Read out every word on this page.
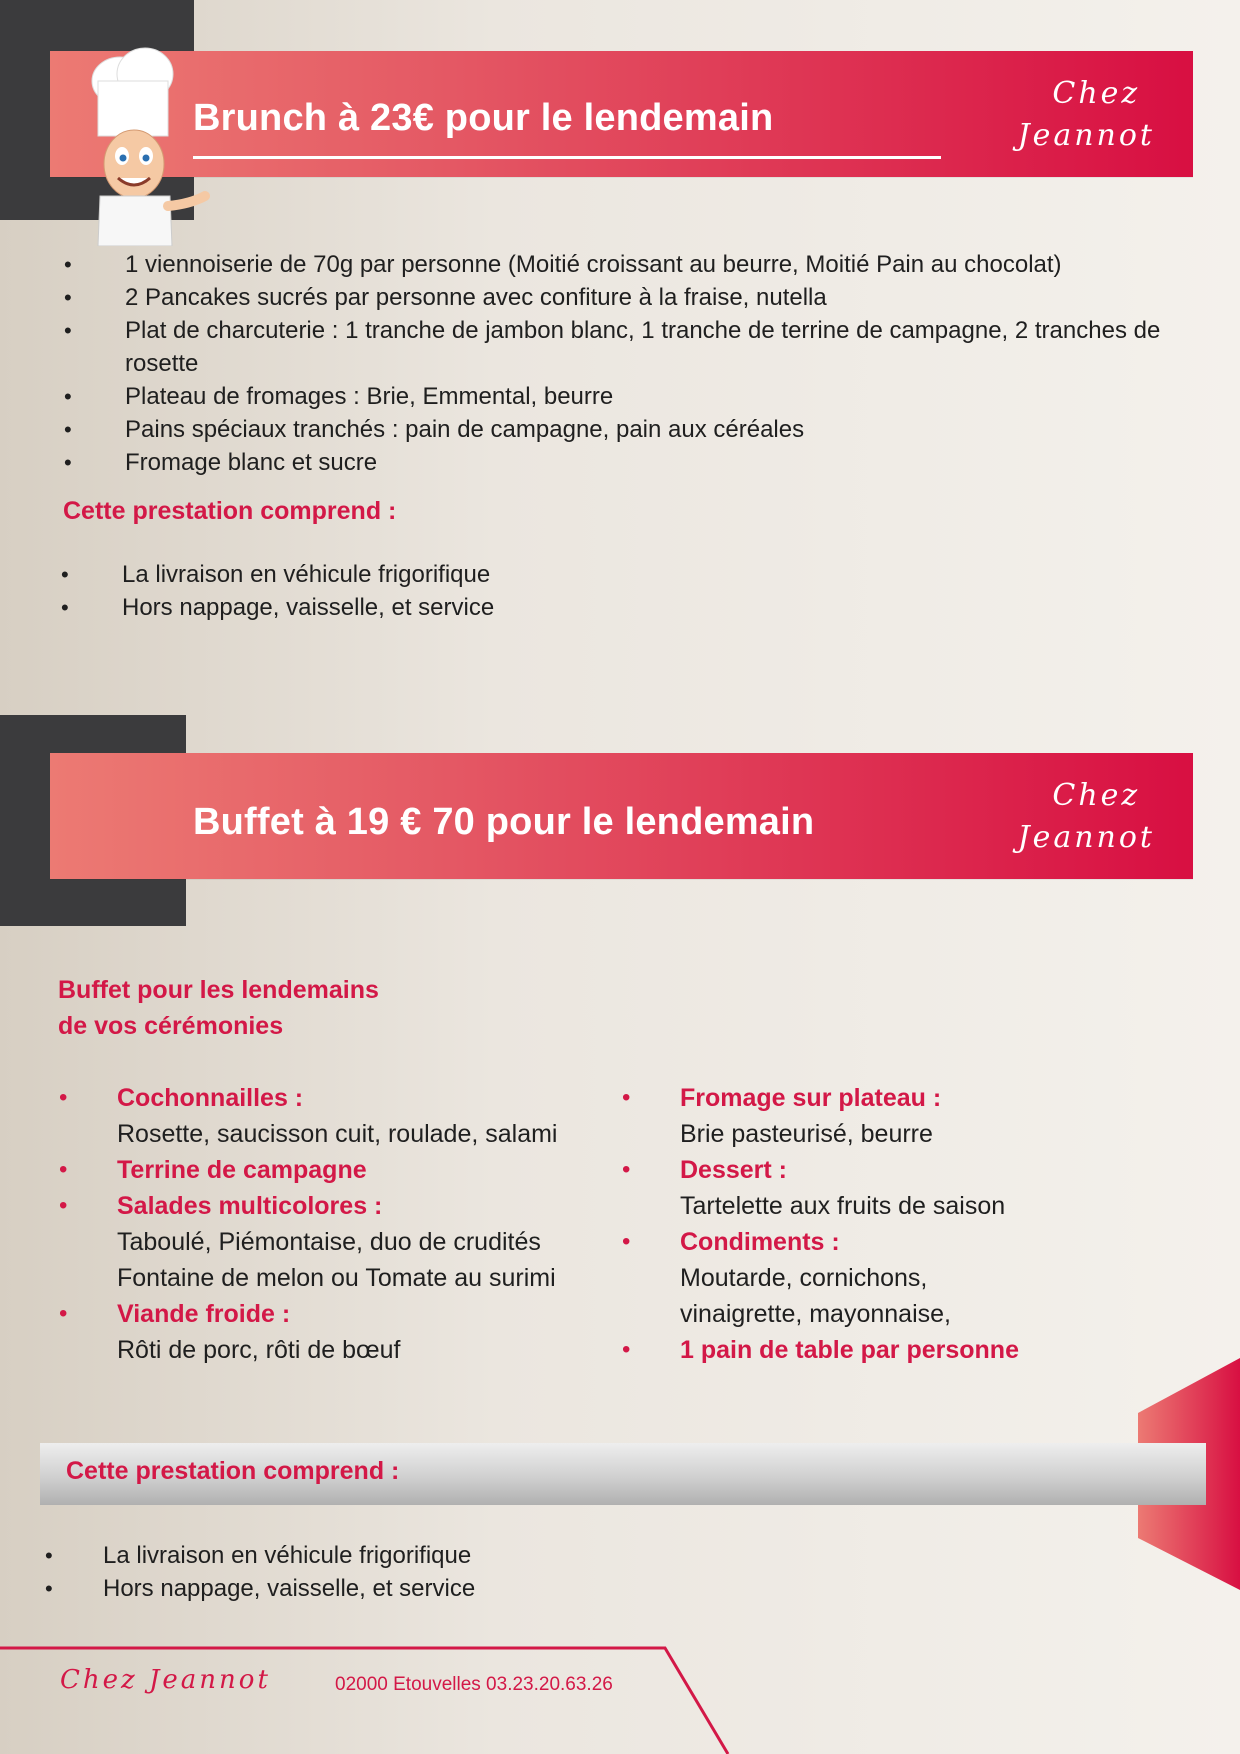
Brunch à 23€ pour le lendemain
Chez
Jeannot
• 1 viennoiserie de 70g par personne (Moitié croissant au beurre, Moitié Pain au chocolat)
• 2 Pancakes sucrés par personne avec confiture à la fraise, nutella
• Plat de charcuterie : 1 tranche de jambon blanc, 1 tranche de terrine de campagne, 2 tranches de rosette
• Plateau de fromages : Brie, Emmental, beurre
• Pains spéciaux tranchés : pain de campagne, pain aux céréales
• Fromage blanc et sucre
Cette prestation comprend :
• La livraison en véhicule frigorifique
• Hors nappage, vaisselle, et service
Buffet à 19 € 70 pour le lendemain
Chez
Jeannot
Buffet pour les lendemains
de vos cérémonies
• Cochonnailles :
Rosette, saucisson cuit, roulade, salami
• Terrine de campagne
• Salades multicolores :
Taboulé, Piémontaise, duo de crudités
Fontaine de melon ou Tomate au surimi
• Viande froide :
Rôti de porc, rôti de bœuf
• Fromage sur plateau :
Brie pasteurisé, beurre
• Dessert :
Tartelette aux fruits de saison
• Condiments :
Moutarde, cornichons,
vinaigrette, mayonnaise,
• 1 pain de table par personne
Cette prestation comprend :
• La livraison en véhicule frigorifique
• Hors nappage, vaisselle, et service
Chez Jeannot	02000 Etouvelles 03.23.20.63.26
